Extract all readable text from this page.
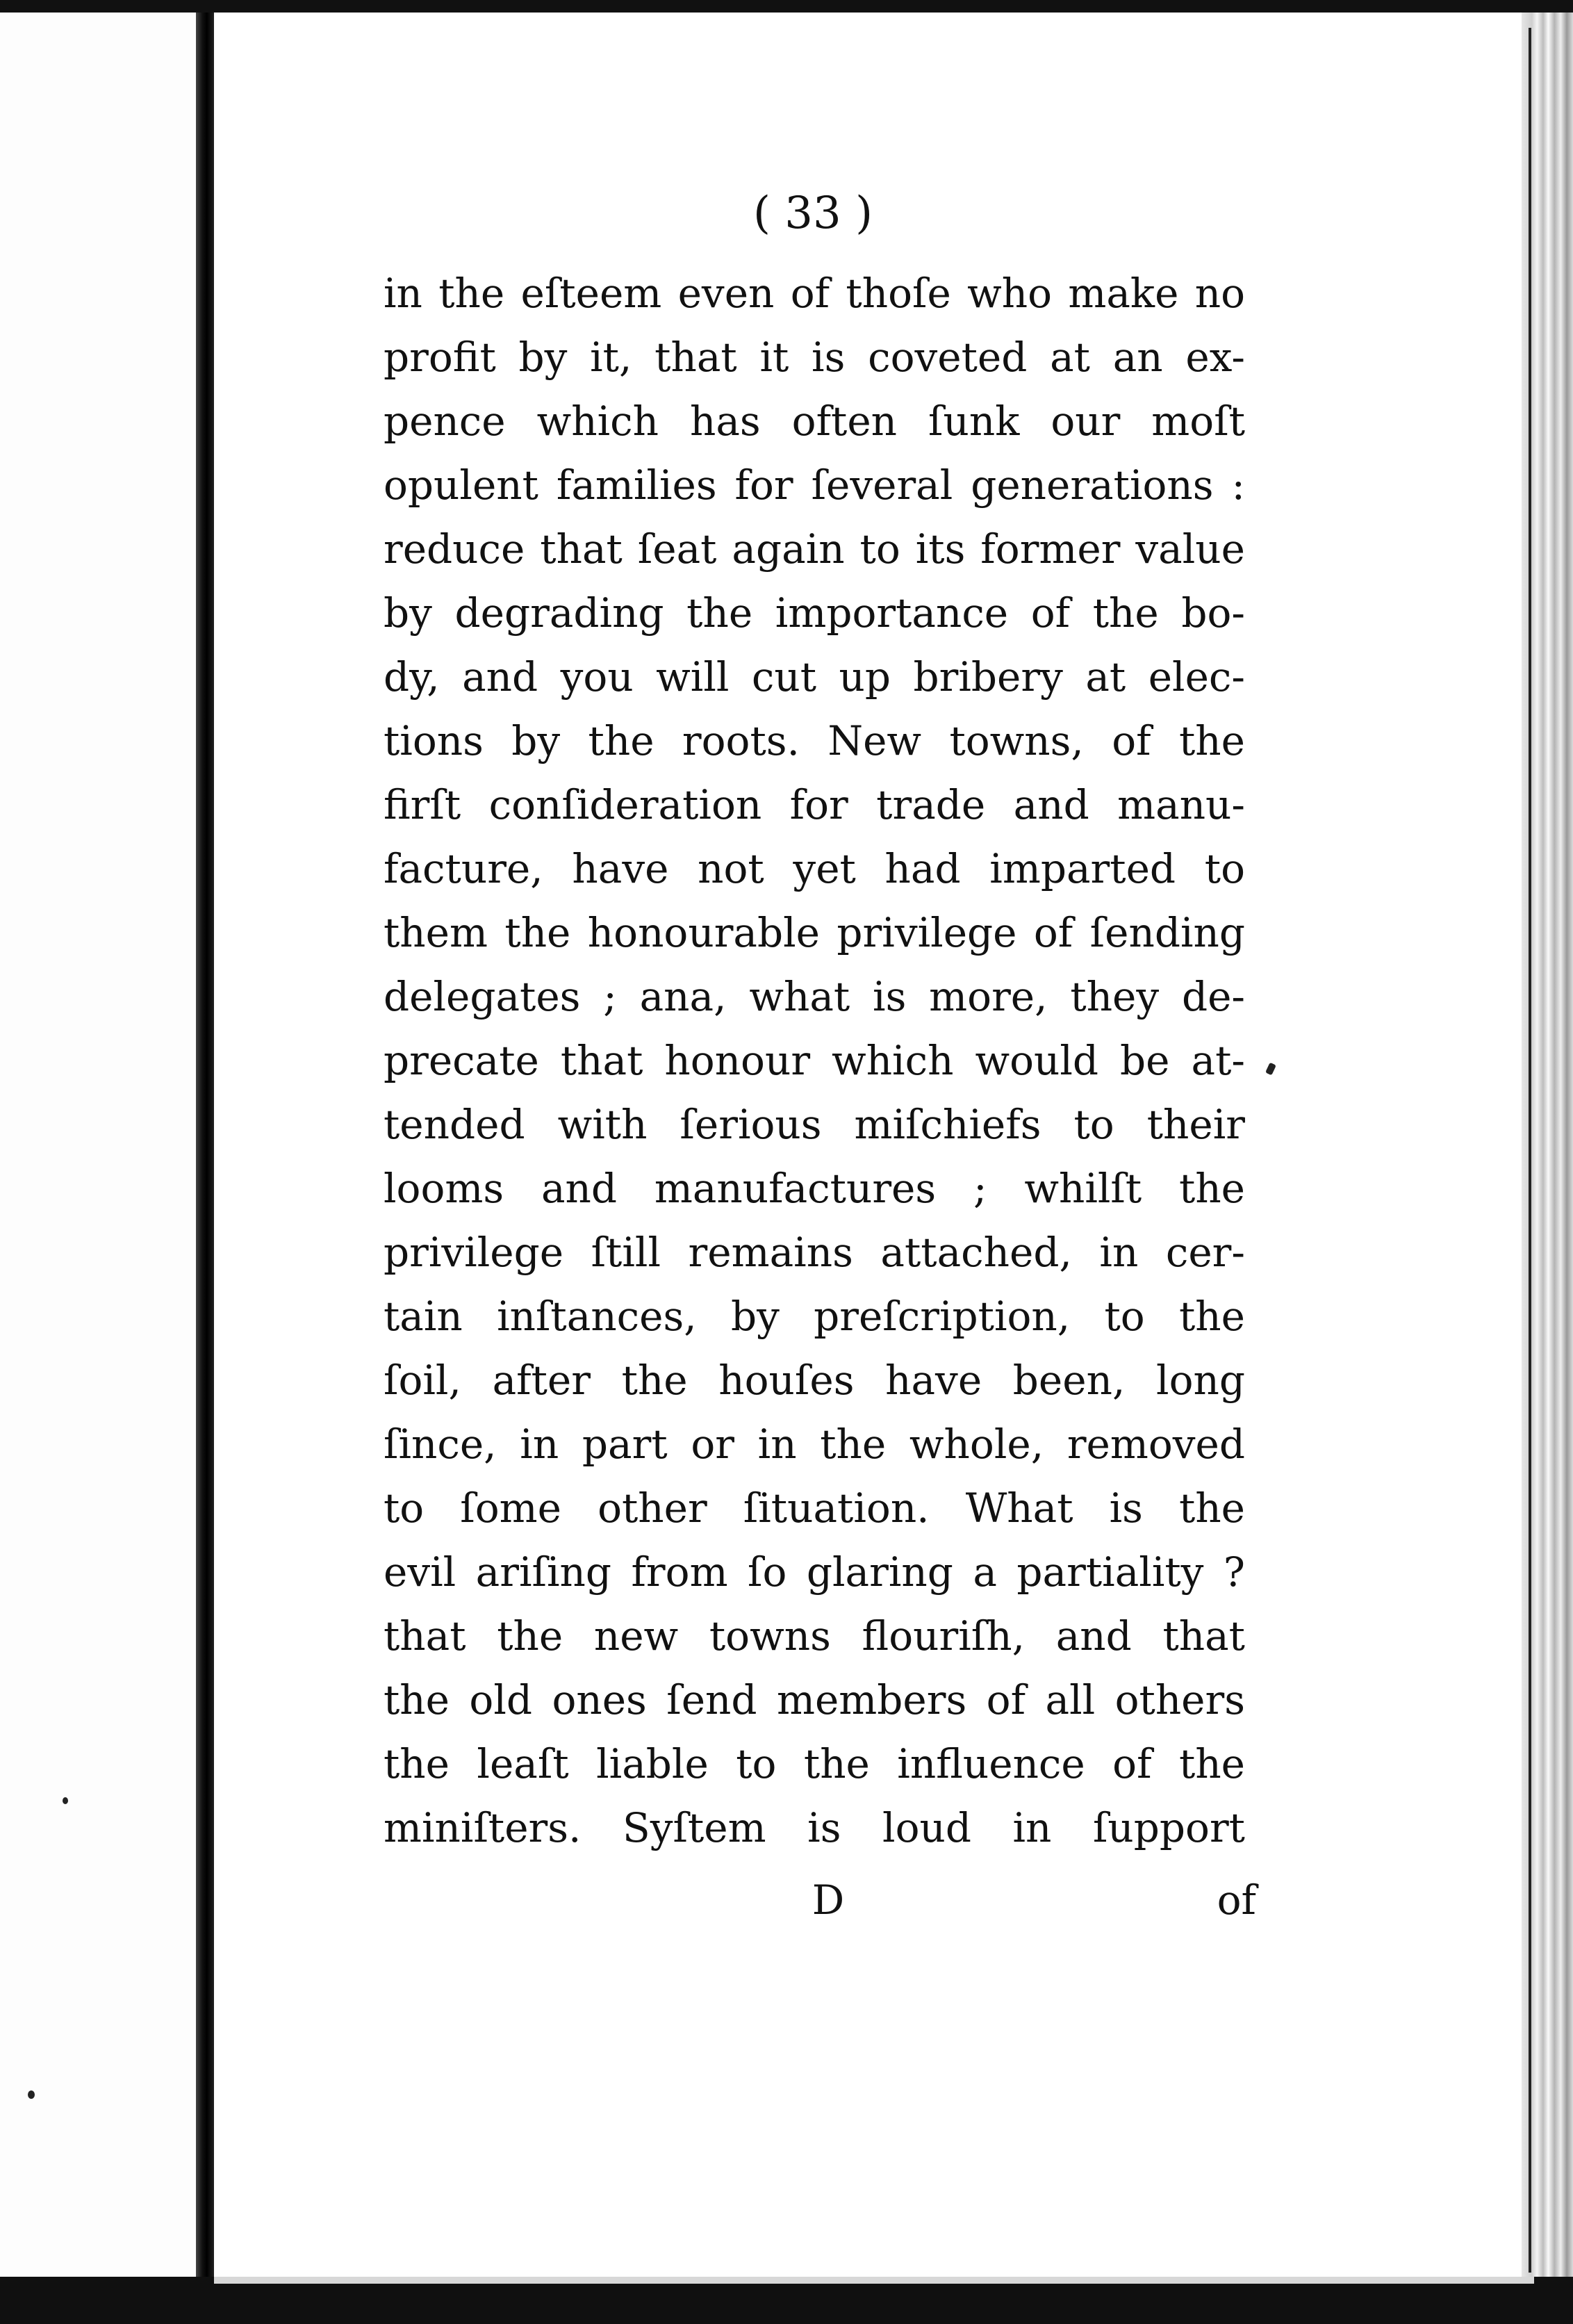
( 33 )
in the eſteem even of thoſe who make no
profit by it, that it is coveted at an ex-
pence which has often ſunk our moſt
opulent families for ſeveral generations :
reduce that ſeat again to its former value
by degrading the importance of the bo-
dy, and you will cut up bribery at elec-
tions by the roots. New towns, of the
firſt conſideration for trade and manu-
facture, have not yet had imparted to
them the honourable privilege of ſending
delegates ; ana, what is more, they de-
precate that honour which would be at-
tended with ſerious miſchiefs to their
looms and manufactures ; whilſt the
privilege ſtill remains attached, in cer-
tain inſtances, by preſcription, to the
ſoil, after the houſes have been, long
ſince, in part or in the whole, removed
to ſome other ſituation. What is the
evil ariſing from ſo glaring a partiality ?
that the new towns flouriſh, and that
the old ones ſend members of all others
the leaſt liable to the influence of the
miniſters. Syſtem is loud in ſupport
D	of
